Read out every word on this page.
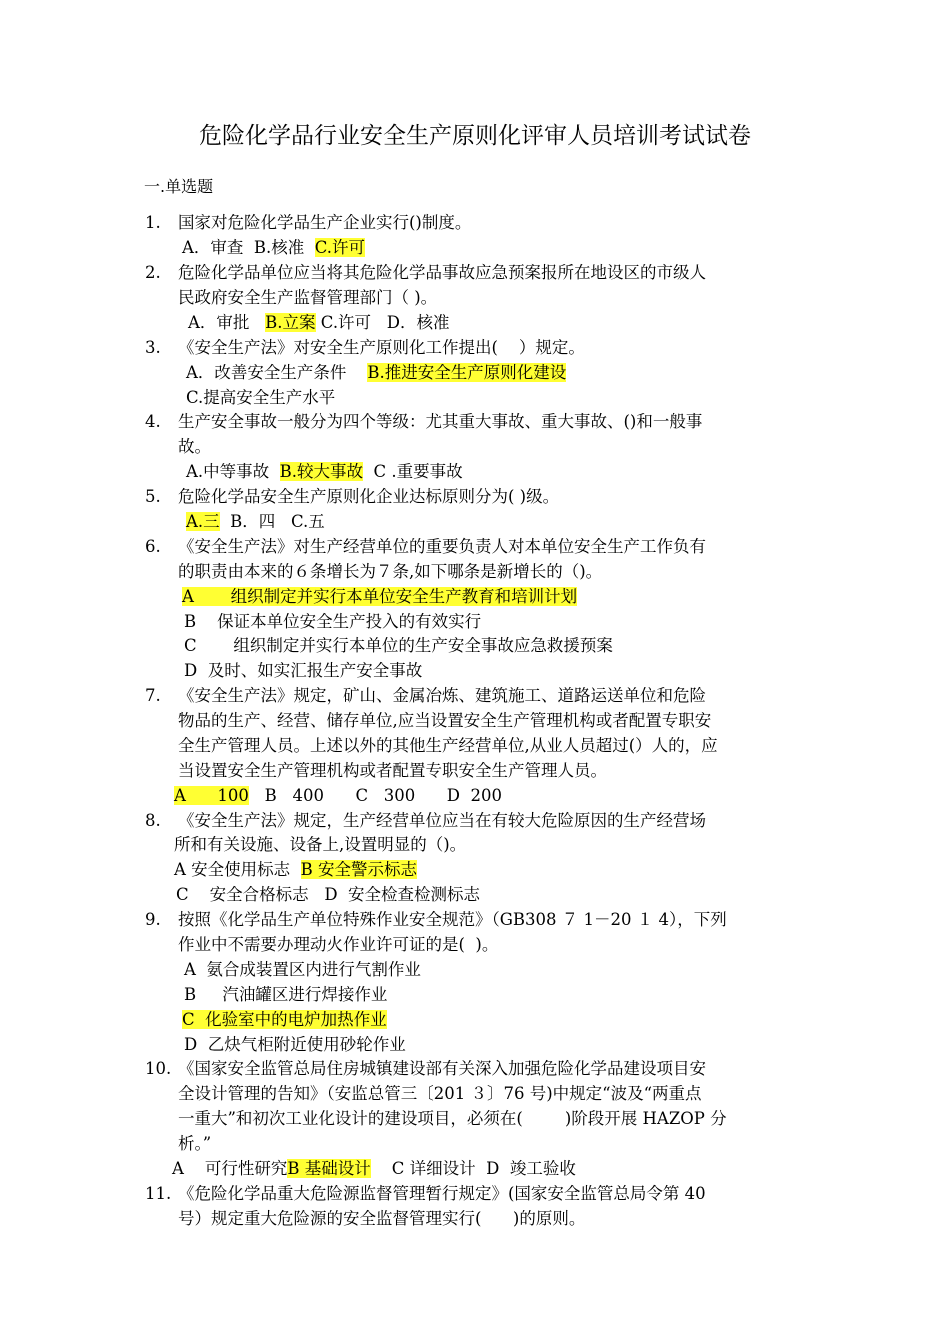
危险化学品行业安全生产原则化评审人员培训考试试卷
一.单选题
1. 国家对危险化学品生产企业实行()制度。
A．审查  B.核准  C.许可
2. 危险化学品单位应当将其危险化学品事故应急预案报所在地设区的市级人
民政府安全生产监督管理部门（ )。
A．审批   B.立案 C.许可   D．核准
3. 《安全生产法》对安全生产原则化工作提出(    ）规定。
A．改善安全生产条件    B.推进安全生产原则化建设
C.提高安全生产水平
4. 生产安全事故一般分为四个等级：尤其重大事故、重大事故、()和一般事
故。
A.中等事故  B.较大事故  C .重要事故
5. 危险化学品安全生产原则化企业达标原则分为( )级。
A.三  B．四   C.五
6. 《安全生产法》对生产经营单位的重要负责人对本单位安全生产工作负有
的职责由本来的６条增长为７条,如下哪条是新增长的（)。
A       组织制定并实行本单位安全生产教育和培训计划
B    保证本单位安全生产投入的有效实行
C       组织制定并实行本单位的生产安全事故应急救援预案
D  及时、如实汇报生产安全事故
7. 《安全生产法》规定，矿山、金属冶炼、建筑施工、道路运送单位和危险
物品的生产、经营、储存单位,应当设置安全生产管理机构或者配置专职安
全生产管理人员。上述以外的其他生产经营单位,从业人员超过(）人的，应
当设置安全生产管理机构或者配置专职安全生产管理人员。
A      100   B   400      C   300      D  200
8. 《安全生产法》规定，生产经营单位应当在有较大危险原因的生产经营场
所和有关设施、设备上,设置明显的（)。
A 安全使用标志  B 安全警示标志
C    安全合格标志   D  安全检查检测标志
9. 按照《化学品生产单位特殊作业安全规范》（GB308 ７ 1－20 １ 4），下列
作业中不需要办理动火作业许可证的是(  )。
A  氨合成装置区内进行气割作业
B     汽油罐区进行焊接作业
C  化验室中的电炉加热作业
D  乙炔气柜附近使用砂轮作业
10. 《国家安全监管总局住房城镇建设部有关深入加强危险化学品建设项目安
全设计管理的告知》（安监总管三〔201 ３〕76 号)中规定“波及“两重点
一重大”和初次工业化设计的建设项目，必须在(        )阶段开展 HAZOP 分
析。”
A    可行性研究B 基础设计    C 详细设计  D  竣工验收
11. 《危险化学品重大危险源监督管理暂行规定》(国家安全监管总局令第 40
号）规定重大危险源的安全监督管理实行(      )的原则。
